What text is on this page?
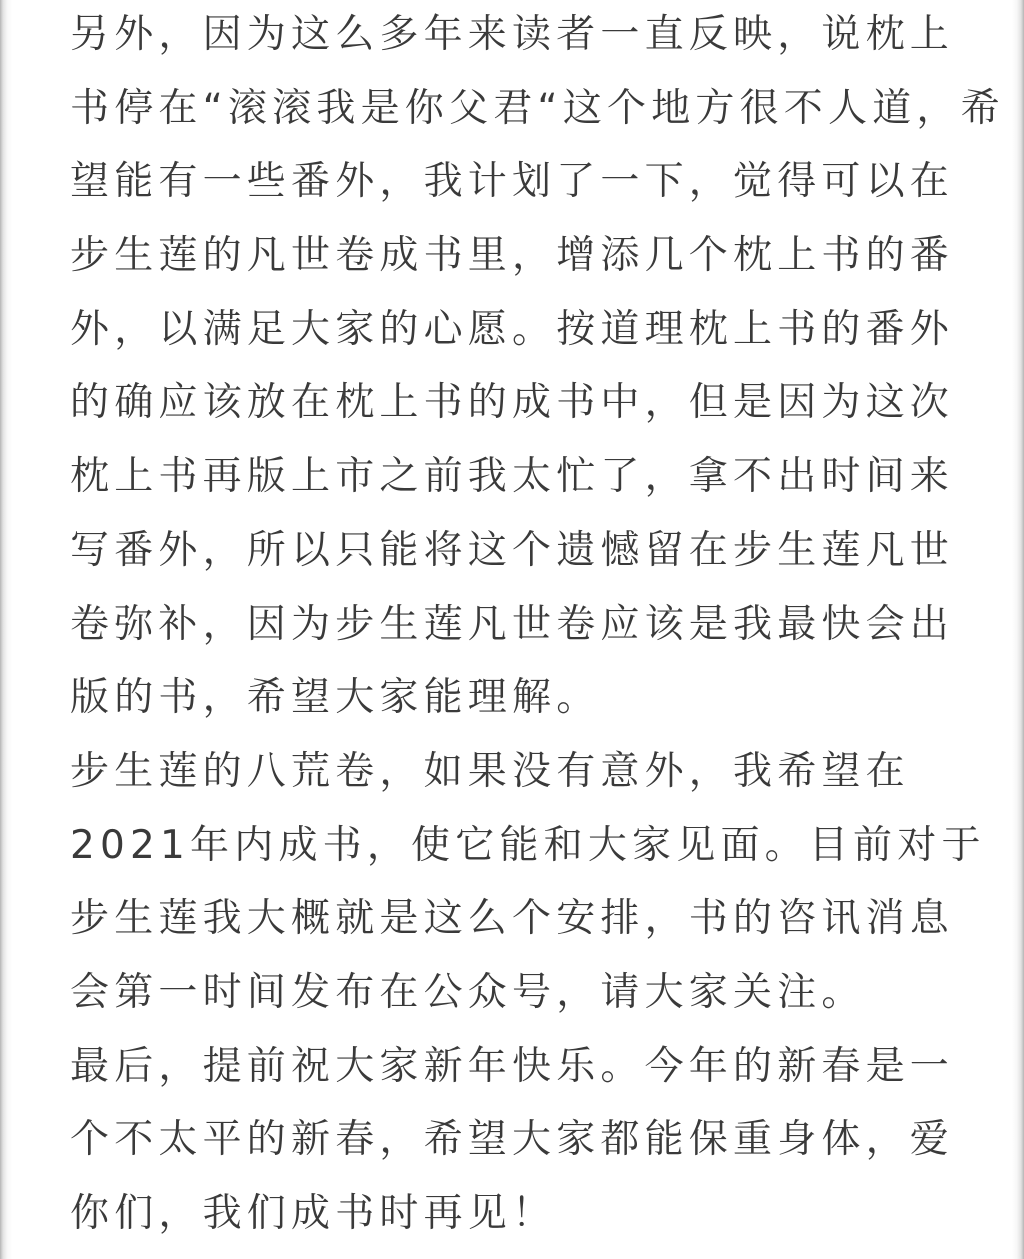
另外，因为这么多年来读者一直反映，说枕上
书停在“滚滚我是你父君“这个地方很不人道，希
望能有一些番外，我计划了一下，觉得可以在
步生莲的凡世卷成书里，增添几个枕上书的番
外，以满足大家的心愿。按道理枕上书的番外
的确应该放在枕上书的成书中，但是因为这次
枕上书再版上市之前我太忙了，拿不出时间来
写番外，所以只能将这个遗憾留在步生莲凡世
卷弥补，因为步生莲凡世卷应该是我最快会出
版的书，希望大家能理解。

步生莲的八荒卷，如果没有意外，我希望在
2021年内成书，使它能和大家见面。目前对于
步生莲我大概就是这么个安排，书的咨讯消息
会第一时间发布在公众号，请大家关注。

最后，提前祝大家新年快乐。今年的新春是一
个不太平的新春，希望大家都能保重身体，爱
你们，我们成书时再见！
